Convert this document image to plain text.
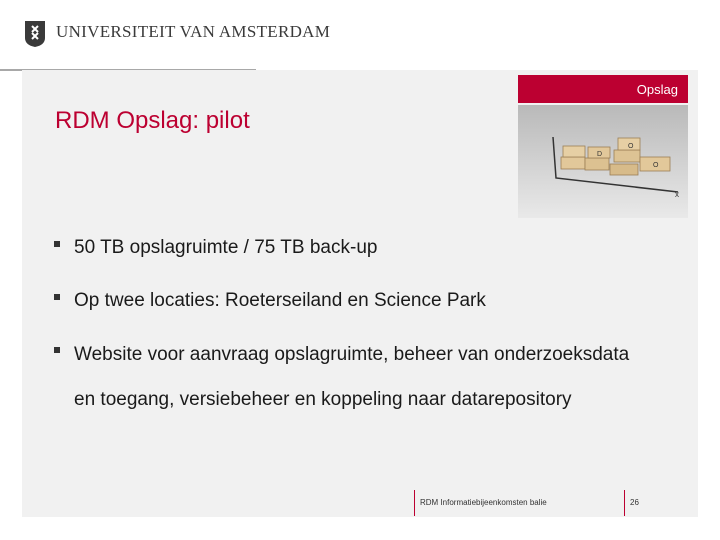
UNIVERSITEIT VAN AMSTERDAM
Opslag
O
D
O
x
RDM Opslag: pilot
50 TB opslagruimte / 75 TB back-up
Op twee locaties: Roeterseiland en Science Park
Website voor aanvraag opslagruimte, beheer van onderzoeksdata en toegang, versiebeheer en koppeling naar datarepository
RDM Informatiebijeenkomsten balie	26
